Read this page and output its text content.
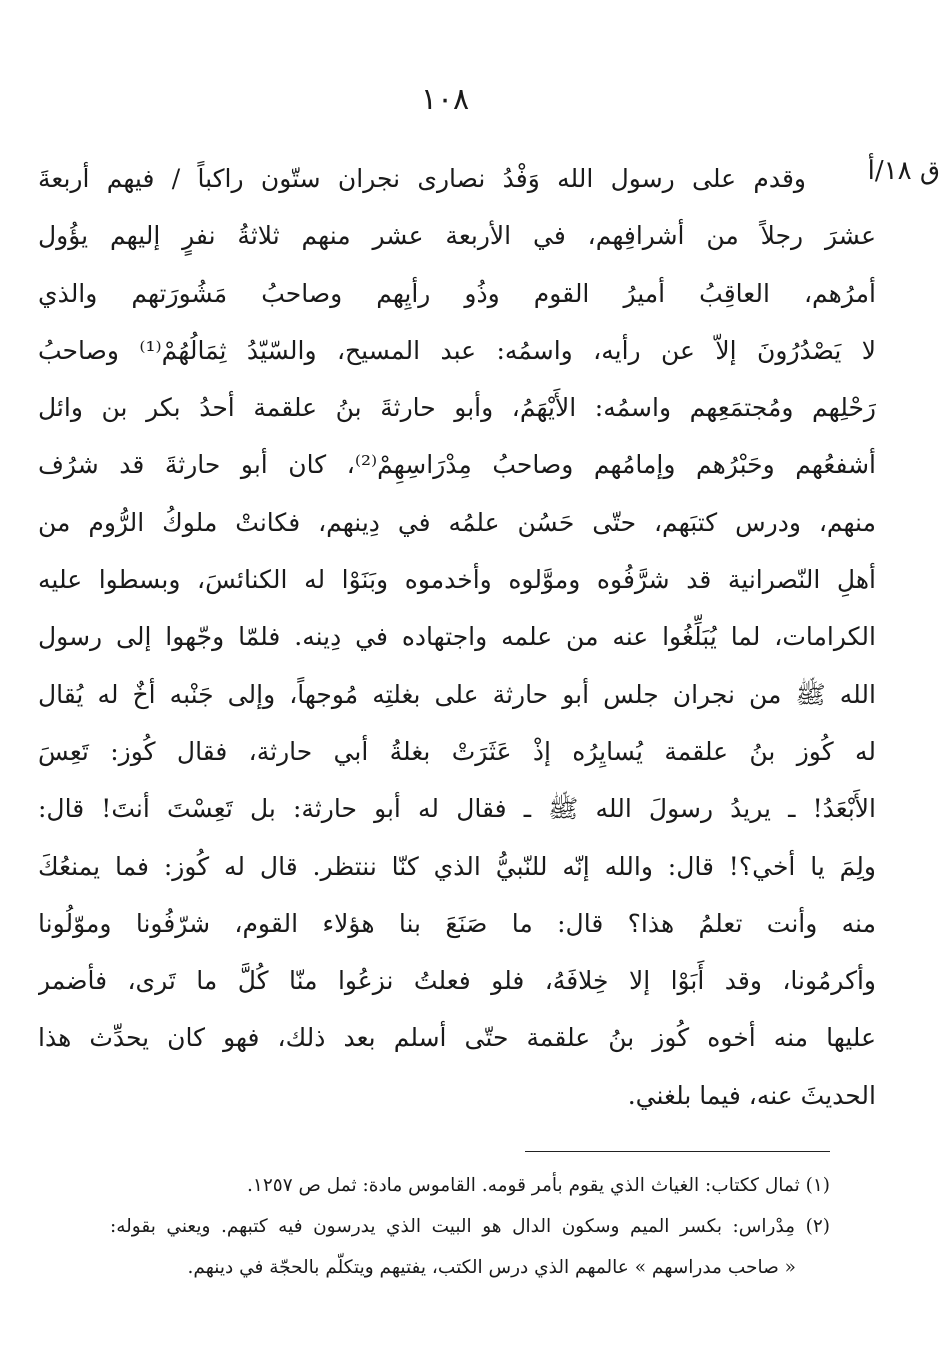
١٠٨
ق ١٨/أ
وقدم على رسول الله وَفْدُ نصارى نجران ستّون راكباً / فيهم أربعةَ
عشرَ رجلاً من أشرافِهم، في الأربعة عشر منهم ثلاثةُ نفرٍ إليهم يؤُول
أمرُهم، العاقِبُ أميرُ القوم وذُو رأيِهم وصاحبُ مَشُورَتهم والذي
لا يَصْدُرُونَ إلاّ عن رأيه، واسمُه: عبد المسيح، والسّيّدُ ثِمَالُهُمْ⁽¹⁾ وصاحبُ
رَحْلِهم ومُجتمَعِهم واسمُه: الأَيْهَمُ، وأبو حارثةَ بنُ علقمة أحدُ بكر بن وائل
أشفعُهم وحَبْرُهم وإمامُهم وصاحبُ مِدْرَاسِهِمْ⁽²⁾، كان أبو حارثةَ قد شرُف
منهم، ودرس كتبَهم، حتّى حَسُن علمُه في دِينهم، فكانتْ ملوكُ الرُّوم من
أهلِ النّصرانية قد شرَّفُوه وموَّلوه وأخدموه وبَنَوْا له الكنائسَ، وبسطوا عليه
الكرامات، لما يُبَلِّغُوا عنه من علمه واجتهاده في دِينه. فلمّا وجّهوا إلى رسول
الله ﷺ من نجران جلس أبو حارثة على بغلتِه مُوجهاً، وإلى جَنْبه أخٌ له يُقال
له كُوز بنُ علقمة يُسايِرُه إذْ عَثَرَتْ بغلةُ أبي حارثة، فقال كُوز: تَعِسَ
الأَبْعَدُ! ـ يريدُ رسولَ الله ﷺ ـ فقال له أبو حارثة: بل تَعِسْتَ أنتَ! قال:
ولِمَ يا أخي؟! قال: والله إنّه للنّبيُّ الذي كنّا ننتظر. قال له كُوز: فما يمنعُكَ
منه وأنت تعلمُ هذا؟ قال: ما صَنَعَ بنا هؤلاء القوم، شرّفُونا وموّلُونا
وأكرمُونا، وقد أَبَوْا إلا خِلافَهُ، فلو فعلتُ نزعُوا منّا كُلَّ ما تَرى، فأضمر
عليها منه أخوه كُوز بنُ علقمة حتّى أسلم بعد ذلك، فهو كان يحدِّث هذا
الحديثَ عنه، فيما بلغني.
(١) ثمال ككتاب: الغياث الذي يقوم بأمر قومه. القاموس مادة: ثمل ص ١٢٥٧.
(٢) مِدْراس: بكسر الميم وسكون الدال هو البيت الذي يدرسون فيه كتبهم. ويعني بقوله:
« صاحب مدراسهم » عالمهم الذي درس الكتب، يفتيهم ويتكلّم بالحجّة في دينهم.
